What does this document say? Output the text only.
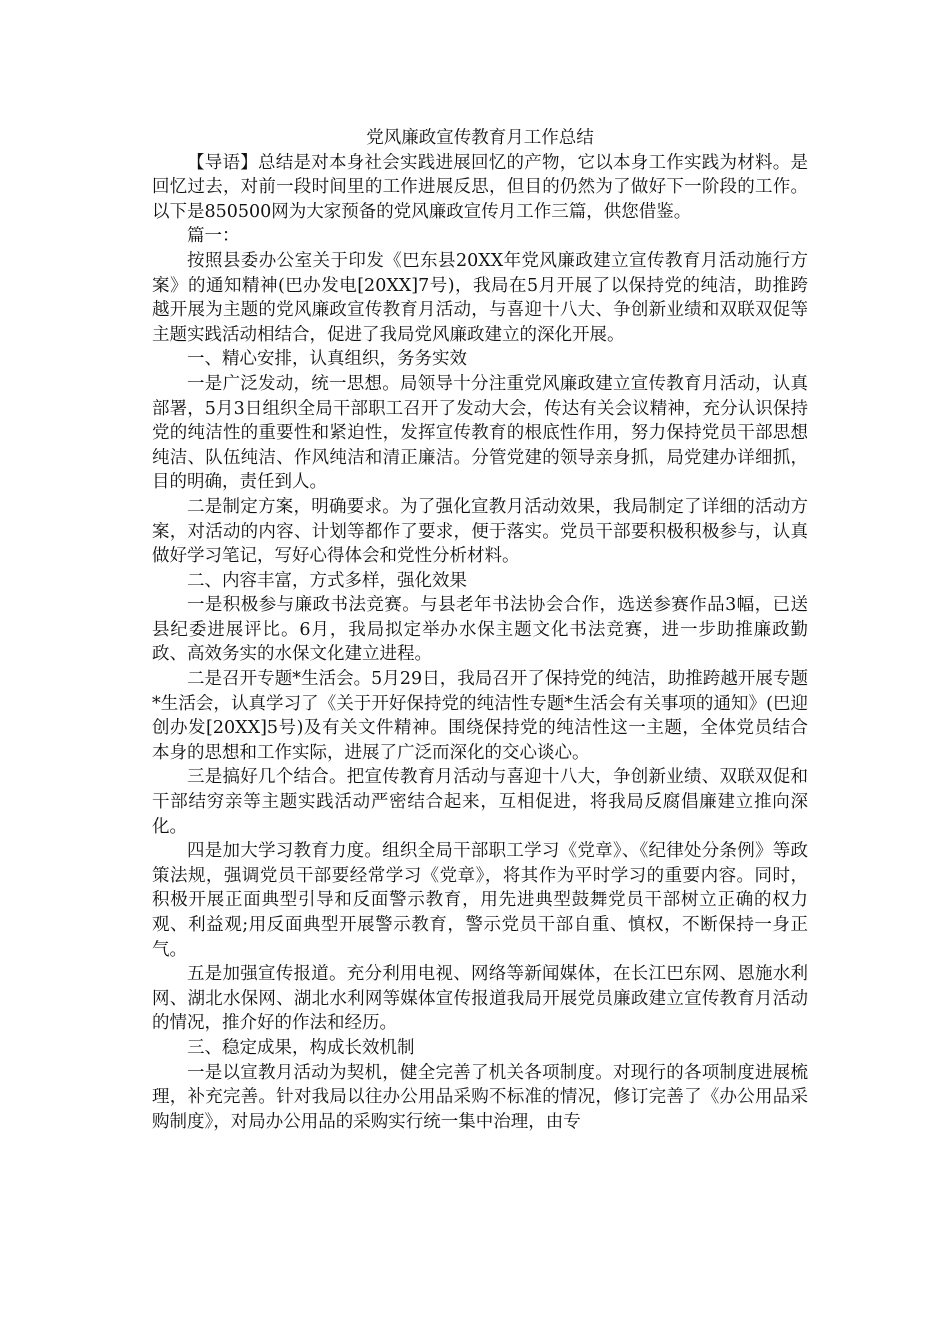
党风廉政宣传教育月工作总结

【导语】总结是对本身社会实践进展回忆的产物，它以本身工作实践为材料。是回忆过去，对前一段时间里的工作进展反思，但目的仍然为了做好下一阶段的工作。以下是850500网为大家预备的党风廉政宣传月工作三篇，供您借鉴。

篇一：

按照县委办公室关于印发《巴东县20XX年党风廉政建立宣传教育月活动施行方案》的通知精神(巴办发电[20XX]7号)，我局在5月开展了以保持党的纯洁，助推跨越开展为主题的党风廉政宣传教育月活动，与喜迎十八大、争创新业绩和双联双促等主题实践活动相结合，促进了我局党风廉政建立的深化开展。

一、精心安排，认真组织，务务实效

一是广泛发动，统一思想。局领导十分注重党风廉政建立宣传教育月活动，认真部署，5月3日组织全局干部职工召开了发动大会，传达有关会议精神，充分认识保持党的纯洁性的重要性和紧迫性，发挥宣传教育的根底性作用，努力保持党员干部思想纯洁、队伍纯洁、作风纯洁和清正廉洁。分管党建的领导亲身抓，局党建办详细抓，目的明确，责任到人。

二是制定方案，明确要求。为了强化宣教月活动效果，我局制定了详细的活动方案，对活动的内容、计划等都作了要求，便于落实。党员干部要积极积极参与，认真做好学习笔记，写好心得体会和党性分析材料。

二、内容丰富，方式多样，强化效果

一是积极参与廉政书法竞赛。与县老年书法协会合作，选送参赛作品3幅，已送县纪委进展评比。6月，我局拟定举办水保主题文化书法竞赛，进一步助推廉政勤政、高效务实的水保文化建立进程。

二是召开专题*生活会。5月29日，我局召开了保持党的纯洁，助推跨越开展专题*生活会，认真学习了《关于开好保持党的纯洁性专题*生活会有关事项的通知》(巴迎创办发[20XX]5号)及有关文件精神。围绕保持党的纯洁性这一主题，全体党员结合本身的思想和工作实际，进展了广泛而深化的交心谈心。

三是搞好几个结合。把宣传教育月活动与喜迎十八大，争创新业绩、双联双促和干部结穷亲等主题实践活动严密结合起来，互相促进，将我局反腐倡廉建立推向深化。

四是加大学习教育力度。组织全局干部职工学习《党章》、《纪律处分条例》等政策法规，强调党员干部要经常学习《党章》，将其作为平时学习的重要内容。同时，积极开展正面典型引导和反面警示教育，用先进典型鼓舞党员干部树立正确的权力观、利益观;用反面典型开展警示教育，警示党员干部自重、慎权，不断保持一身正气。

五是加强宣传报道。充分利用电视、网络等新闻媒体，在长江巴东网、恩施水利网、湖北水保网、湖北水利网等媒体宣传报道我局开展党员廉政建立宣传教育月活动的情况，推介好的作法和经历。

三、稳定成果，构成长效机制

一是以宣教月活动为契机，健全完善了机关各项制度。对现行的各项制度进展梳理，补充完善。针对我局以往办公用品采购不标准的情况，修订完善了《办公用品采购制度》，对局办公用品的采购实行统一集中治理，由专
